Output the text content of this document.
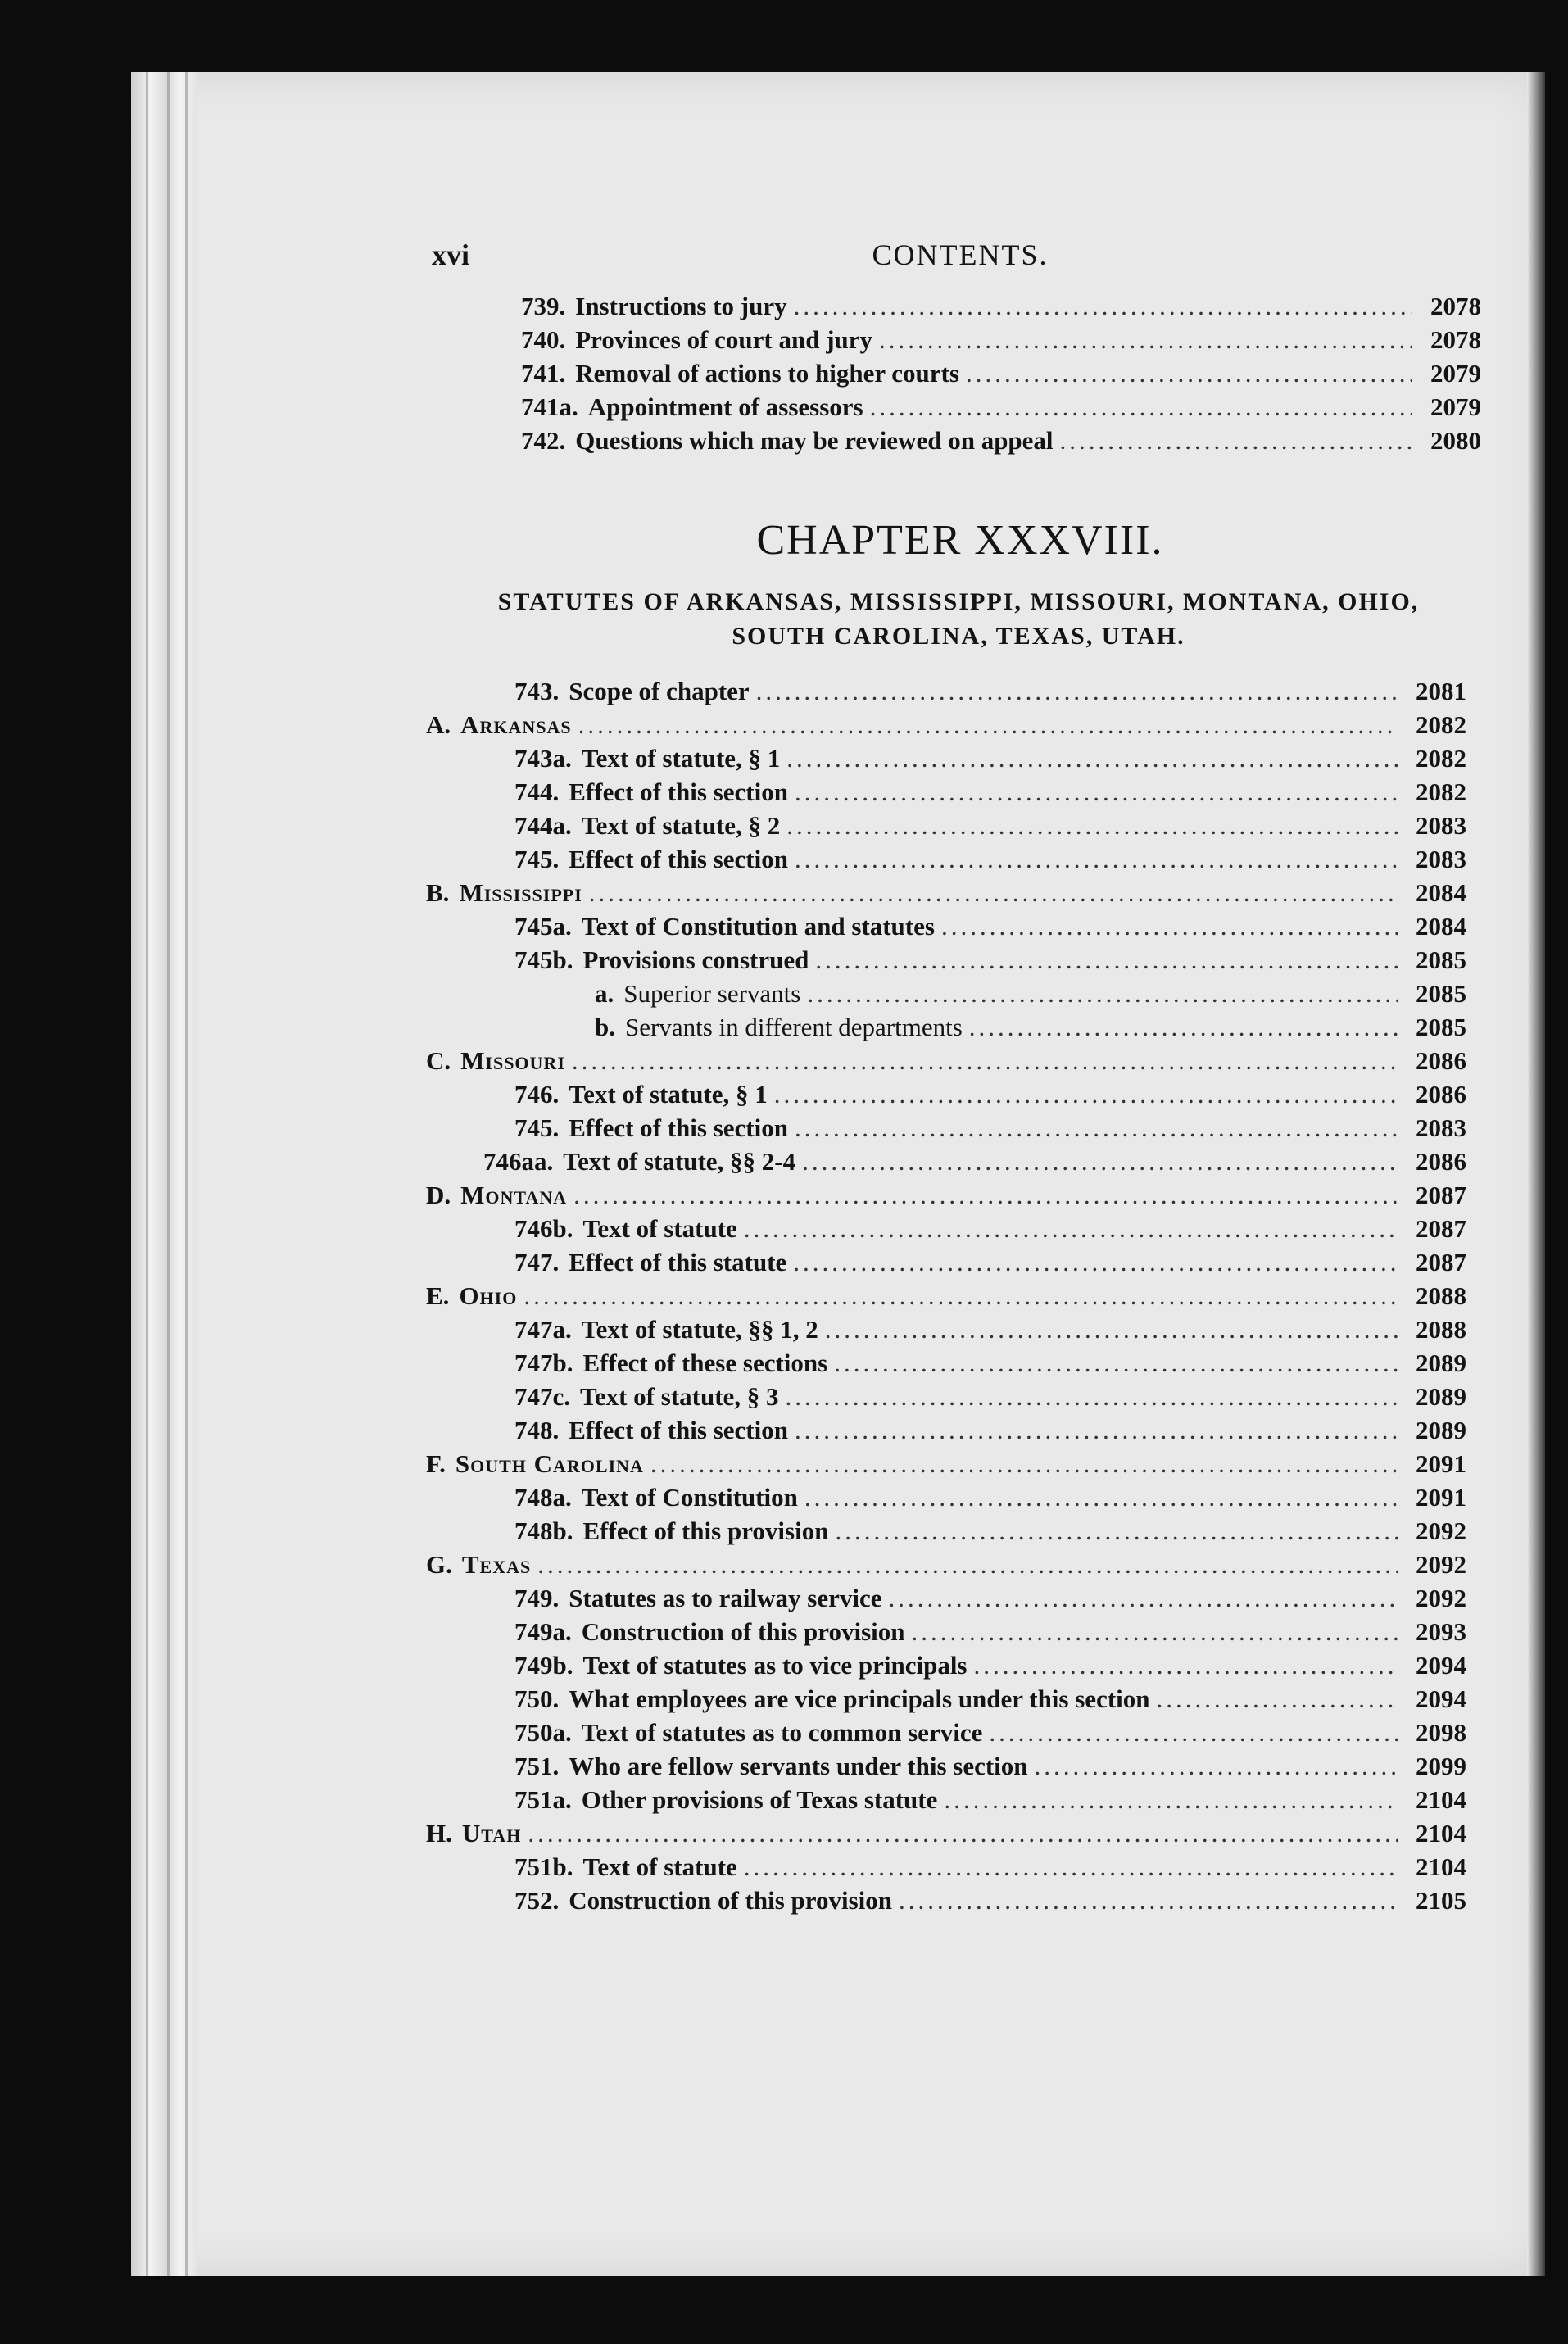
xvi	CONTENTS.
739. Instructions to jury .....	2078
740. Provinces of court and jury .....	2078
741. Removal of actions to higher courts .....	2079
741a. Appointment of assessors .....	2079
742. Questions which may be reviewed on appeal .....	2080
CHAPTER XXXVIII.
STATUTES OF ARKANSAS, MISSISSIPPI, MISSOURI, MONTANA, OHIO,
SOUTH CAROLINA, TEXAS, UTAH.
743. Scope of chapter .....	2081
A. Arkansas .....	2082
743a. Text of statute, § 1 .....	2082
744. Effect of this section .....	2082
744a. Text of statute, § 2 .....	2083
745. Effect of this section .....	2083
B. Mississippi .....	2084
745a. Text of Constitution and statutes .....	2084
745b. Provisions construed .....	2085
a. Superior servants .....	2085
b. Servants in different departments .....	2085
C. Missouri .....	2086
746. Text of statute, § 1 .....	2086
745. Effect of this section .....	2083
746aa. Text of statute, §§ 2-4 .....	2086
D. Montana .....	2087
746b. Text of statute .....	2087
747. Effect of this statute .....	2087
E. Ohio .....	2088
747a. Text of statute, §§ 1, 2 .....	2088
747b. Effect of these sections .....	2089
747c. Text of statute, § 3 .....	2089
748. Effect of this section .....	2089
F. South Carolina .....	2091
748a. Text of Constitution .....	2091
748b. Effect of this provision .....	2092
G. Texas .....	2092
749. Statutes as to railway service .....	2092
749a. Construction of this provision .....	2093
749b. Text of statutes as to vice principals .....	2094
750. What employees are vice principals under this section .....	2094
750a. Text of statutes as to common service .....	2098
751. Who are fellow servants under this section .....	2099
751a. Other provisions of Texas statute .....	2104
H. Utah .....	2104
751b. Text of statute .....	2104
752. Construction of this provision .....	2105
